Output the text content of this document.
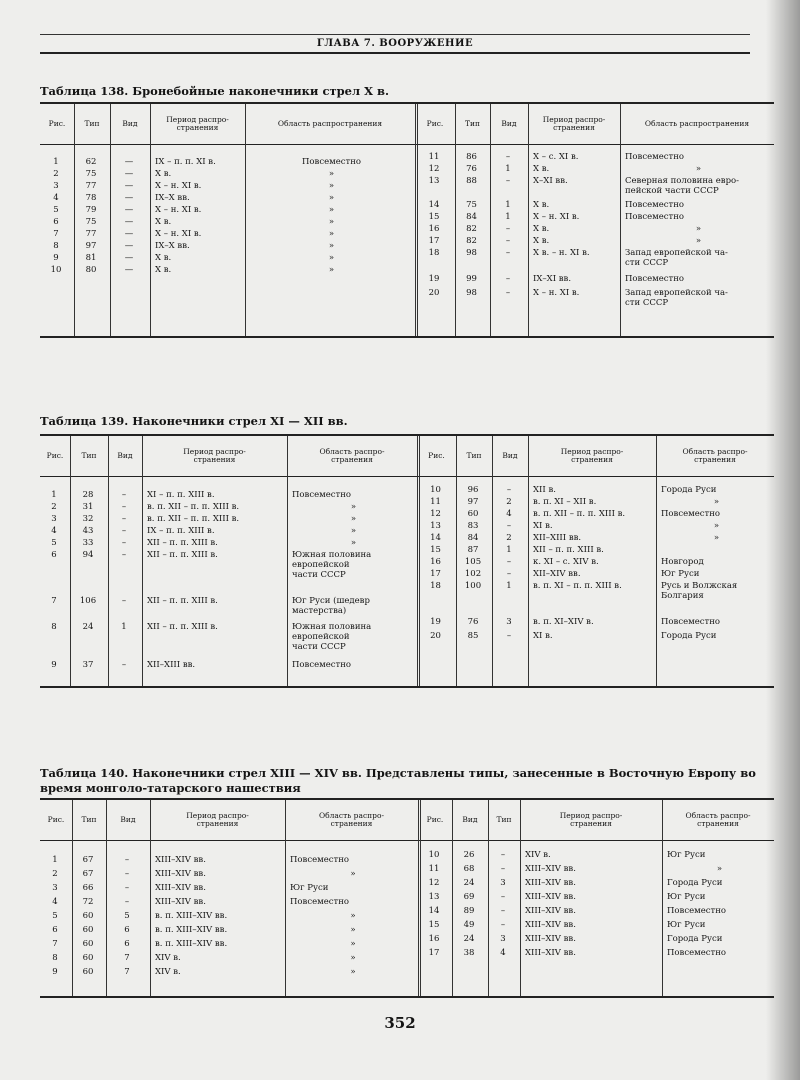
ГЛАВА 7. ВООРУЖЕНИЕ
Таблица 138. Бронебойные наконечники стрел X в.
Рис.	Тип	Вид	Период распро-
странения	Область распространения	Рис.	Тип	Вид	Период распро-
странения	Область распространения
1	62	—	IX – п. п. XI в.	Повсеместно
2	75	—	X в.	»
3	77	—	X – н. XI в.	»
4	78	—	IX–X вв.	»
5	79	—	X – н. XI в.	»
6	75	—	X в.	»
7	77	—	X – н. XI в.	»
8	97	—	IX–X вв.	»
9	81	—	X в.	»
10	80	—	X в.	»
11	86	–	X – с. XI в.	Повсеместно
12	76	1	X в.	»
13	88	–	X–XI вв.	Северная половина евро-
пейской части СССР
14	75	1	X в.	Повсеместно
15	84	1	X – н. XI в.	Повсеместно
16	82	–	X в.	»
17	82	–	X в.	»
18	98	–	X в. – н. XI в.	Запад европейской ча-
сти СССР
19	99	–	IX–XI вв.	Повсеместно
20	98	–	X – н. XI в.	Запад европейской ча-
сти СССР
Таблица 139. Наконечники стрел XI — XII вв.
Рис.	Тип	Вид	Период распро-
странения
Область распро-
странения	Рис.	Тип	Вид	Период распро-
странения
Область распро-
странения
1	28	–	XI – п. п. XIII в.	Повсеместно
2	31	–	в. п. XII – п. п. XIII в.	»
3	32	–	в. п. XII – п. п. XIII в.	»
4	43	–	IX – п. п. XIII в.	»
5	33	–	XII – п. п. XIII в.	»
6	94	–	XII – п. п. XIII в.	Южная половина
европейской
части СССР
7	106	–	XII – п. п. XIII в.	Юг Руси (шедевр
мастерства)
8	24	1	XII – п. п. XIII в.	Южная половина
европейской
части СССР
9	37	–	XII–XIII вв.	Повсеместно
10	96	–	XII в.	Города Руси
11	97	2	в. п. XI – XII в.	»
12	60	4	в. п. XII – п. п. XIII в.	Повсеместно
13	83	–	XI в.	»
14	84	2	XII–XIII вв.	»
15	87	1	XII – п. п. XIII в.
16	105	–	к. XI – с. XIV в.	Новгород
17	102	–	XII–XIV вв.	Юг Руси
18	100	1	в. п. XI – п. п. XIII в.	Русь и Волжская
Болгария
19	76	3	в. п. XI–XIV в.	Повсеместно
20	85	–	XI в.	Города Руси
Таблица 140. Наконечники стрел XIII — XIV вв. Представлены типы, занесенные в Восточную Европу во время монголо-татарского нашествия
Рис.	Тип	Вид	Период распро-
странения
Область распро-
странения	Рис.	Вид	Тип	Период распро-
странения
Область распро-
странения
1	67	–	XIII–XIV вв.	Повсеместно
2	67	–	XIII–XIV вв.	»
3	66	–	XIII–XIV вв.	Юг Руси
4	72	–	XIII–XIV вв.	Повсеместно
5	60	5	в. п. XIII–XIV вв.	»
6	60	6	в. п. XIII–XIV вв.	»
7	60	6	в. п. XIII–XIV вв.	»
8	60	7	XIV в.	»
9	60	7	XIV в.	»
10	26	–	XIV в.	Юг Руси
11	68	–	XIII–XIV вв.	»
12	24	3	XIII–XIV вв.	Города Руси
13	69	–	XIII–XIV вв.	Юг Руси
14	89	–	XIII–XIV вв.	Повсеместно
15	49	–	XIII–XIV вв.	Юг Руси
16	24	3	XIII–XIV вв.	Города Руси
17	38	4	XIII–XIV вв.	Повсеместно
352
